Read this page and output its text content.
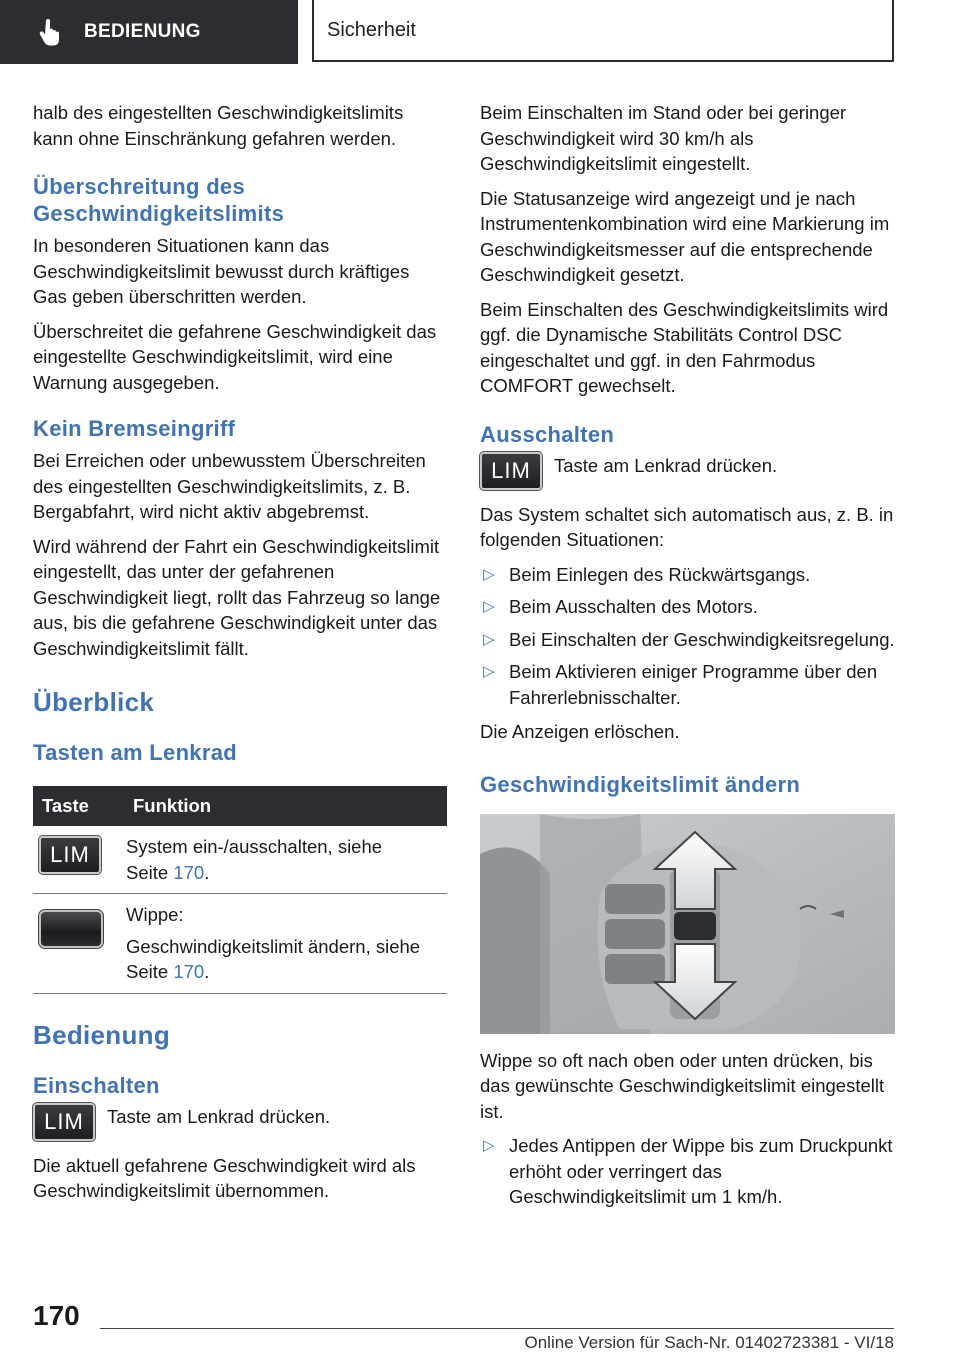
BEDIENUNG	Sicherheit

halb des eingestellten Geschwindigkeitslimits kann ohne Einschränkung gefahren werden.

Überschreitung des Geschwindigkeitslimits

In besonderen Situationen kann das Geschwindigkeitslimit bewusst durch kräftiges Gas geben überschritten werden.

Überschreitet die gefahrene Geschwindigkeit das eingestellte Geschwindigkeitslimit, wird eine Warnung ausgegeben.

Kein Bremseingriff

Bei Erreichen oder unbewusstem Überschreiten des eingestellten Geschwindigkeitslimits, z. B. Bergabfahrt, wird nicht aktiv abgebremst.

Wird während der Fahrt ein Geschwindigkeitslimit eingestellt, das unter der gefahrenen Geschwindigkeit liegt, rollt das Fahrzeug so lange aus, bis die gefahrene Geschwindigkeit unter das Geschwindigkeitslimit fällt.

Überblick
Tasten am Lenkrad
Taste	Funktion
LIM	System ein-/ausschalten, siehe
Seite 170.

	Wippe:

Geschwindigkeitslimit ändern, siehe
Seite 170.
Bedienung
Einschalten
LIM	Taste am Lenkrad drücken.

Die aktuell gefahrene Geschwindigkeit wird als Geschwindigkeitslimit übernommen.

Beim Einschalten im Stand oder bei geringer Geschwindigkeit wird 30 km/h als Geschwindigkeitslimit eingestellt.

Die Statusanzeige wird angezeigt und je nach Instrumentenkombination wird eine Markierung im Geschwindigkeitsmesser auf die entsprechende Geschwindigkeit gesetzt.

Beim Einschalten des Geschwindigkeitslimits wird ggf. die Dynamische Stabilitäts Control DSC eingeschaltet und ggf. in den Fahrmodus COMFORT gewechselt.

Ausschalten
LIM	Taste am Lenkrad drücken.

Das System schaltet sich automatisch aus, z. B. in folgenden Situationen:

▷ Beim Einlegen des Rückwärtsgangs.
▷ Beim Ausschalten des Motors.
▷ Bei Einschalten der Geschwindigkeitsregelung.
▷ Beim Aktivieren einiger Programme über den Fahrerlebnisschalter.

Die Anzeigen erlöschen.

Geschwindigkeitslimit ändern

Wippe so oft nach oben oder unten drücken, bis das gewünschte Geschwindigkeitslimit eingestellt ist.

▷ Jedes Antippen der Wippe bis zum Druckpunkt erhöht oder verringert das Geschwindigkeitslimit um 1 km/h.
170
Online Version für Sach-Nr. 01402723381 - VI/18
